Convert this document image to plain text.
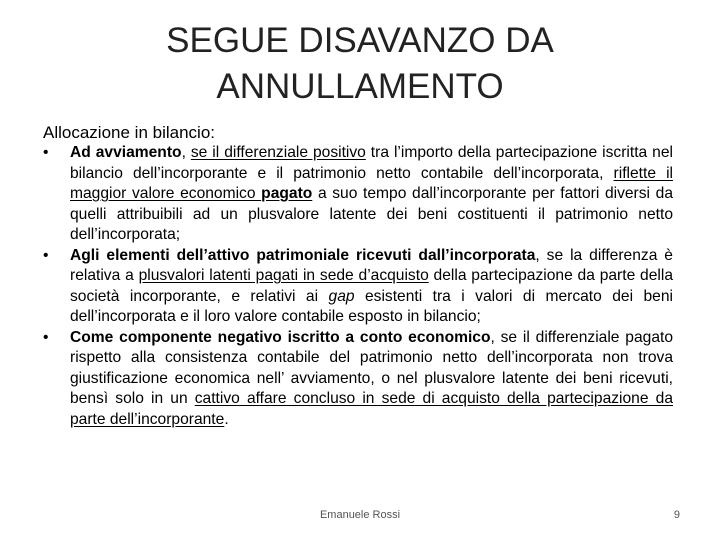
SEGUE DISAVANZO DA
ANNULLAMENTO
Allocazione in bilancio:
•	Ad avviamento, se il differenziale positivo tra l’importo della partecipazione iscritta nel bilancio dell’incorporante e il patrimonio netto contabile dell’incorporata, riflette il maggior valore economico pagato a suo tempo dall’incorporante per fattori diversi da quelli attribuibili ad un plusvalore latente dei beni costituenti il patrimonio netto dell’incorporata;
•	Agli elementi dell’attivo patrimoniale ricevuti dall’incorporata, se la differenza è relativa a plusvalori latenti pagati in sede d’acquisto della partecipazione da parte della società incorporante, e relativi ai gap esistenti tra i valori di mercato dei beni dell’incorporata e il loro valore contabile esposto in bilancio;
•	Come componente negativo iscritto a conto economico, se il differenziale pagato rispetto alla consistenza contabile del patrimonio netto dell’incorporata non trova giustificazione economica nell’ avviamento, o nel plusvalore latente dei beni ricevuti, bensì solo in un cattivo affare concluso in sede di acquisto della partecipazione da parte dell’incorporante.
Emanuele Rossi	9
